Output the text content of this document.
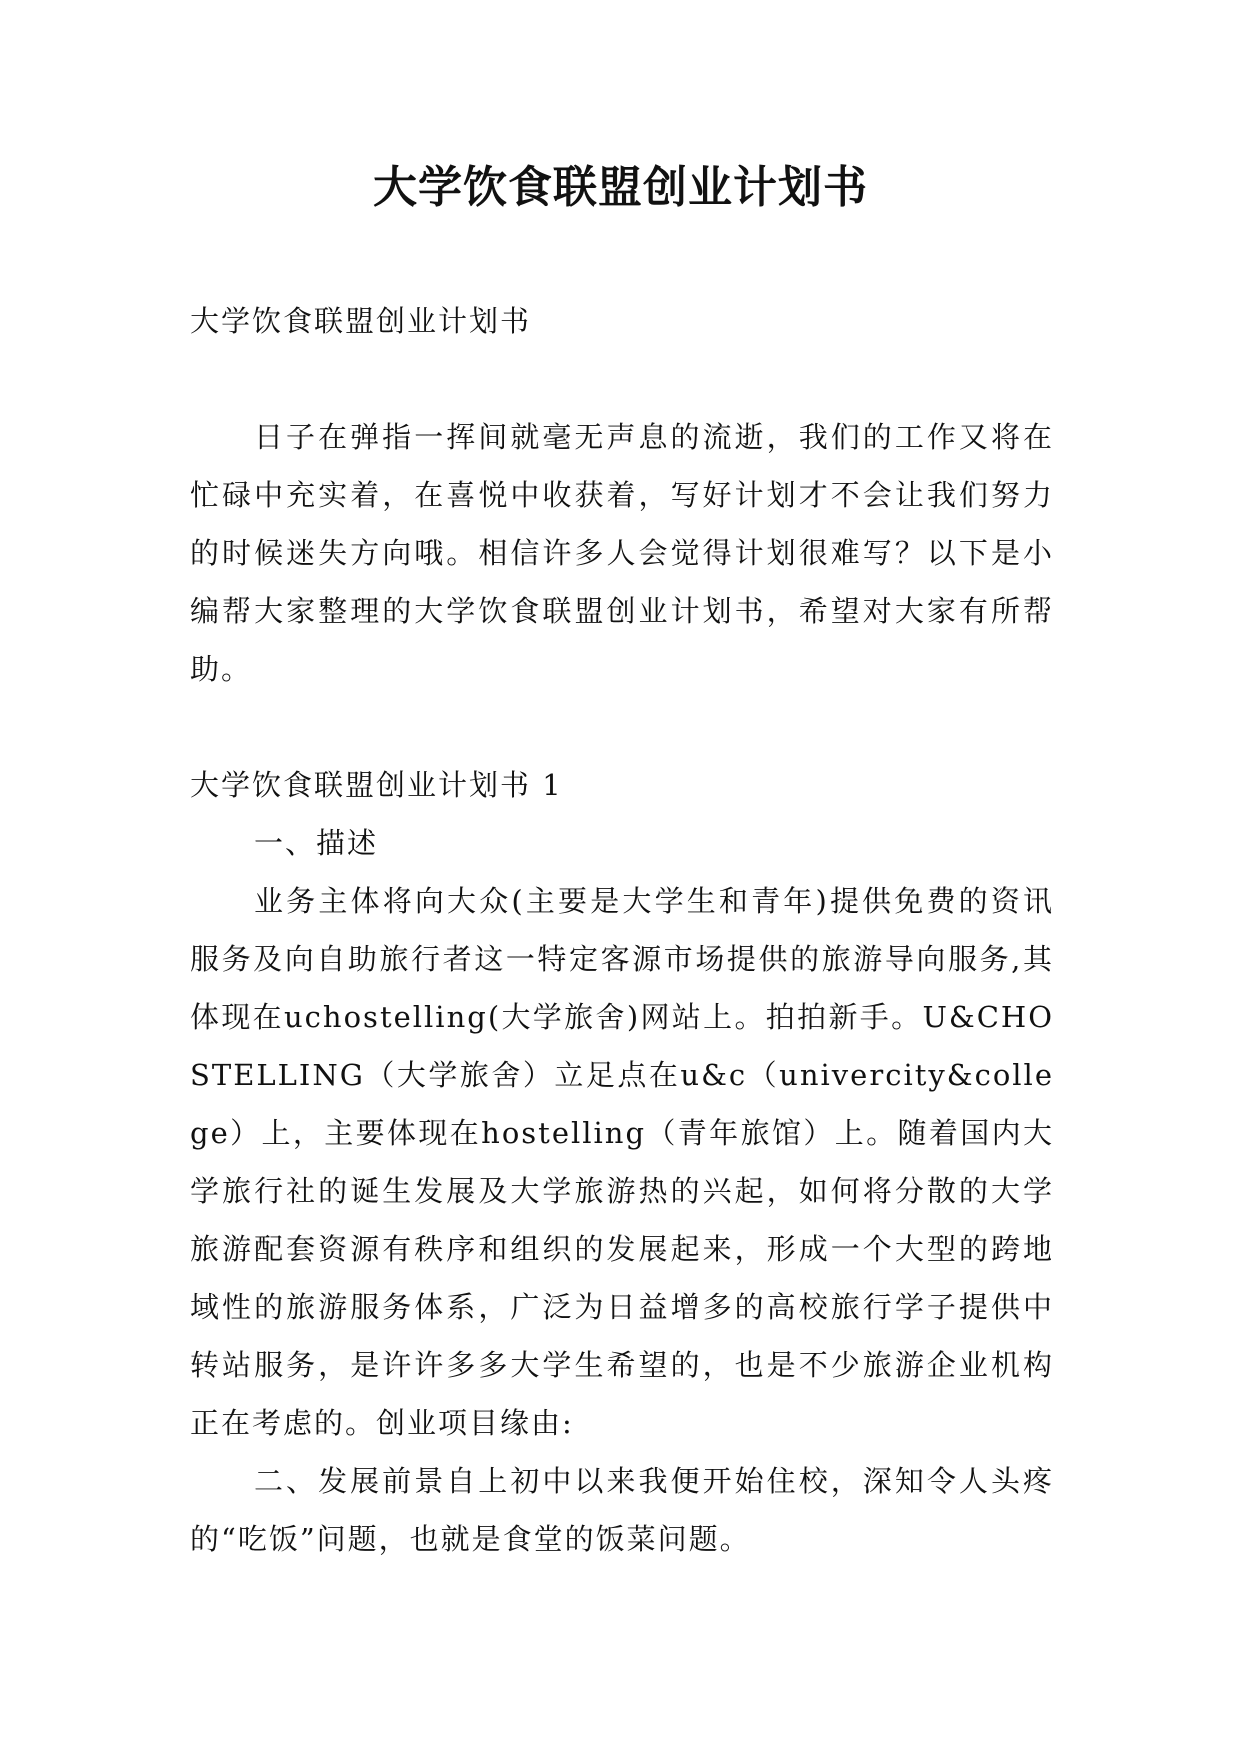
大学饮食联盟创业计划书

大学饮食联盟创业计划书

日子在弹指一挥间就毫无声息的流逝，我们的工作又将在忙碌中充实着，在喜悦中收获着，写好计划才不会让我们努力的时候迷失方向哦。相信许多人会觉得计划很难写？以下是小编帮大家整理的大学饮食联盟创业计划书，希望对大家有所帮助。

大学饮食联盟创业计划书 1

一、描述

业务主体将向大众(主要是大学生和青年)提供免费的资讯服务及向自助旅行者这一特定客源市场提供的旅游导向服务,其体现在uchostelling(大学旅舍)网站上。拍拍新手。U&CHOSTELLING（大学旅舍）立足点在u&c（univercity&college）上，主要体现在hostelling（青年旅馆）上。随着国内大学旅行社的诞生发展及大学旅游热的兴起，如何将分散的大学旅游配套资源有秩序和组织的发展起来，形成一个大型的跨地域性的旅游服务体系，广泛为日益增多的高校旅行学子提供中转站服务，是许许多多大学生希望的，也是不少旅游企业机构正在考虑的。创业项目缘由:

二、发展前景自上初中以来我便开始住校，深知令人头疼的“吃饭”问题，也就是食堂的饭菜问题。
